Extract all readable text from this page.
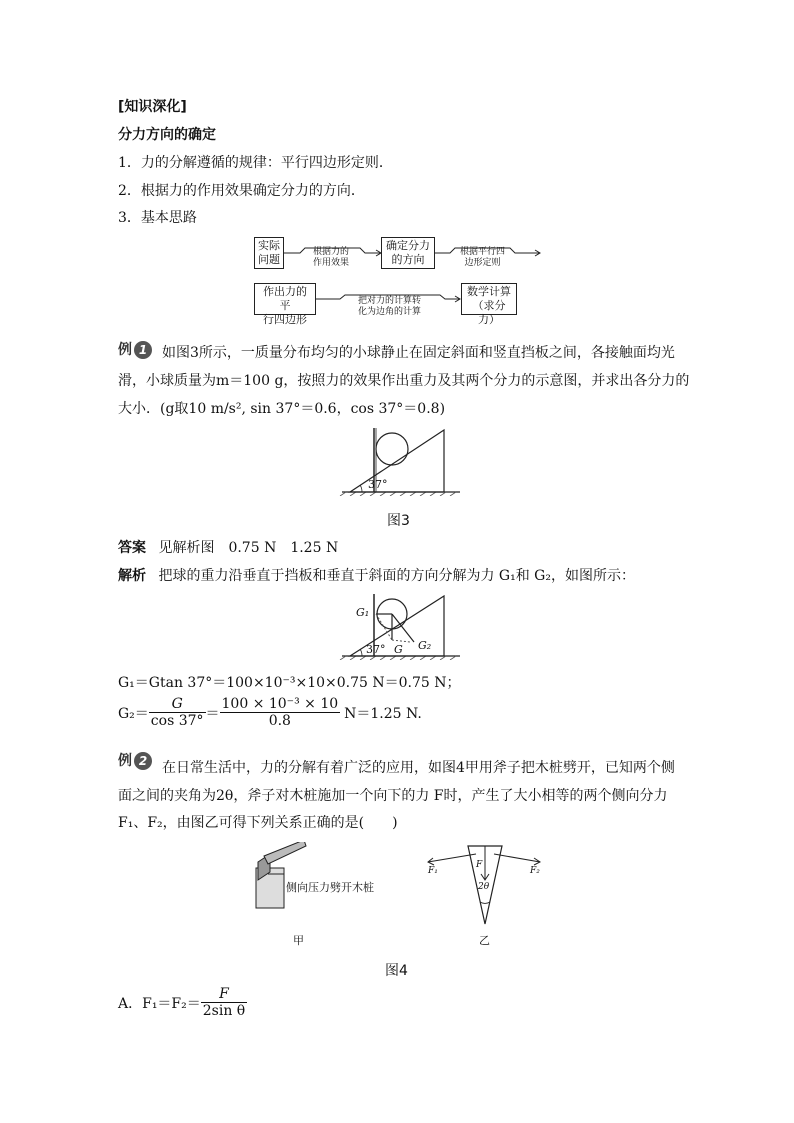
[知识深化]
分力方向的确定
1．力的分解遵循的规律：平行四边形定则．
2．根据力的作用效果确定分力的方向．
3．基本思路
实际
问题
确定分力
的方向
作出力的平
行四边形
数学计算
（求分力）
根据力的
作用效果
根据平行四
边形定则
把对力的计算转
化为边角的计算
例 1	如图3所示，一质量分布均匀的小球静止在固定斜面和竖直挡板之间，各接触面均光
滑，小球质量为m＝100 g，按照力的效果作出重力及其两个分力的示意图，并求出各分力的
大小．(g取10 m/s², sin 37°＝0.6，cos 37°＝0.8)
37°
图3
答案 见解析图　0.75 N　1.25 N
解析 把球的重力沿垂直于挡板和垂直于斜面的方向分解为力 G₁和 G₂，如图所示：
G₁
G G₂
37°
G₁＝Gtan 37°＝100×10⁻³×10×0.75 N＝0.75 N；
$G_2= \frac{G}{\cos 37^\circ} = \frac{\text{100 × 10⁻³ × 10}}{0.8} N=1.25$ N.
例 2	在日常生活中，力的分解有着广泛的应用，如图4甲用斧子把木桩劈开，已知两个侧
面之间的夹角为2θ，斧子对木桩施加一个向下的力 F时，产生了大小相等的两个侧向分力
F₁、F₂，由图乙可得下列关系正确的是(　　)
侧向压力劈开木桩
甲
F₁
F
F₂
2θ
乙
图4
A．$F_1=F_2= \frac{F}{\text{2sin θ}}$
